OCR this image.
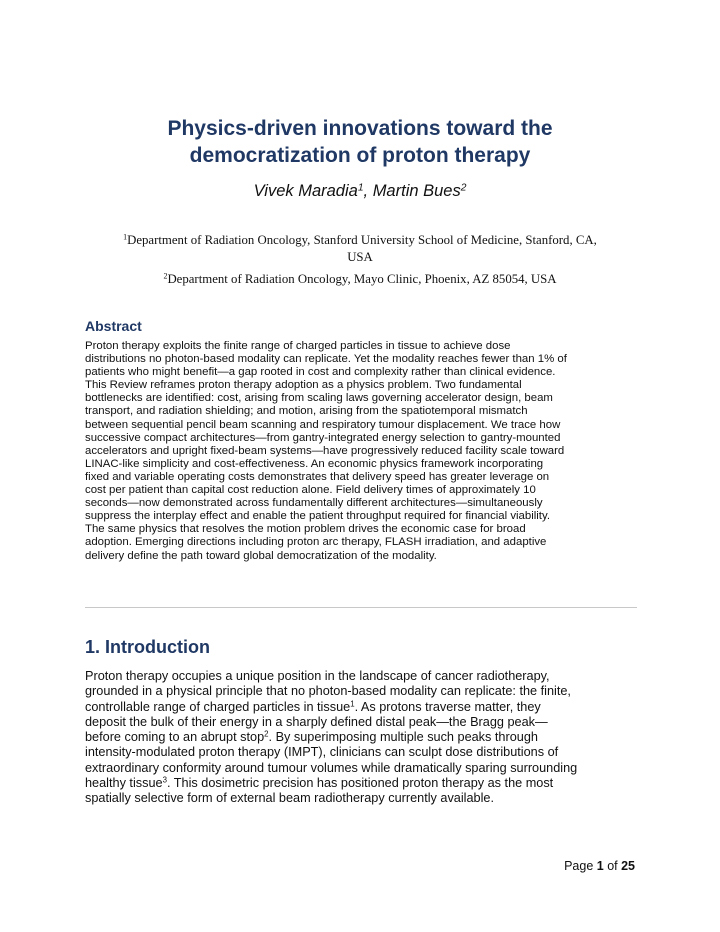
Physics-driven innovations toward the
democratization of proton therapy
Vivek Maradia$^1$, Martin Bues$^2$
$^1$Department of Radiation Oncology, Stanford University School of Medicine, Stanford, CA,
USA
$^2$Department of Radiation Oncology, Mayo Clinic, Phoenix, AZ 85054, USA
Abstract
Proton therapy exploits the finite range of charged particles in tissue to achieve dose
distributions no photon-based modality can replicate. Yet the modality reaches fewer than 1% of
patients who might benefit—a gap rooted in cost and complexity rather than clinical evidence.
This Review reframes proton therapy adoption as a physics problem. Two fundamental
bottlenecks are identified: cost, arising from scaling laws governing accelerator design, beam
transport, and radiation shielding; and motion, arising from the spatiotemporal mismatch
between sequential pencil beam scanning and respiratory tumour displacement. We trace how
successive compact architectures—from gantry-integrated energy selection to gantry-mounted
accelerators and upright fixed-beam systems—have progressively reduced facility scale toward
LINAC-like simplicity and cost-effectiveness. An economic physics framework incorporating
fixed and variable operating costs demonstrates that delivery speed has greater leverage on
cost per patient than capital cost reduction alone. Field delivery times of approximately 10
seconds—now demonstrated across fundamentally different architectures—simultaneously
suppress the interplay effect and enable the patient throughput required for financial viability.
The same physics that resolves the motion problem drives the economic case for broad
adoption. Emerging directions including proton arc therapy, FLASH irradiation, and adaptive
delivery define the path toward global democratization of the modality.
1. Introduction
Proton therapy occupies a unique position in the landscape of cancer radiotherapy,
grounded in a physical principle that no photon-based modality can replicate: the finite,
controllable range of charged particles in tissue$^1$. As protons traverse matter, they
deposit the bulk of their energy in a sharply defined distal peak—the Bragg peak—
before coming to an abrupt stop$^2$. By superimposing multiple such peaks through
intensity-modulated proton therapy (IMPT), clinicians can sculpt dose distributions of
extraordinary conformity around tumour volumes while dramatically sparing surrounding
healthy tissue$^3$. This dosimetric precision has positioned proton therapy as the most
spatially selective form of external beam radiotherapy currently available.
Page 1 of 25
